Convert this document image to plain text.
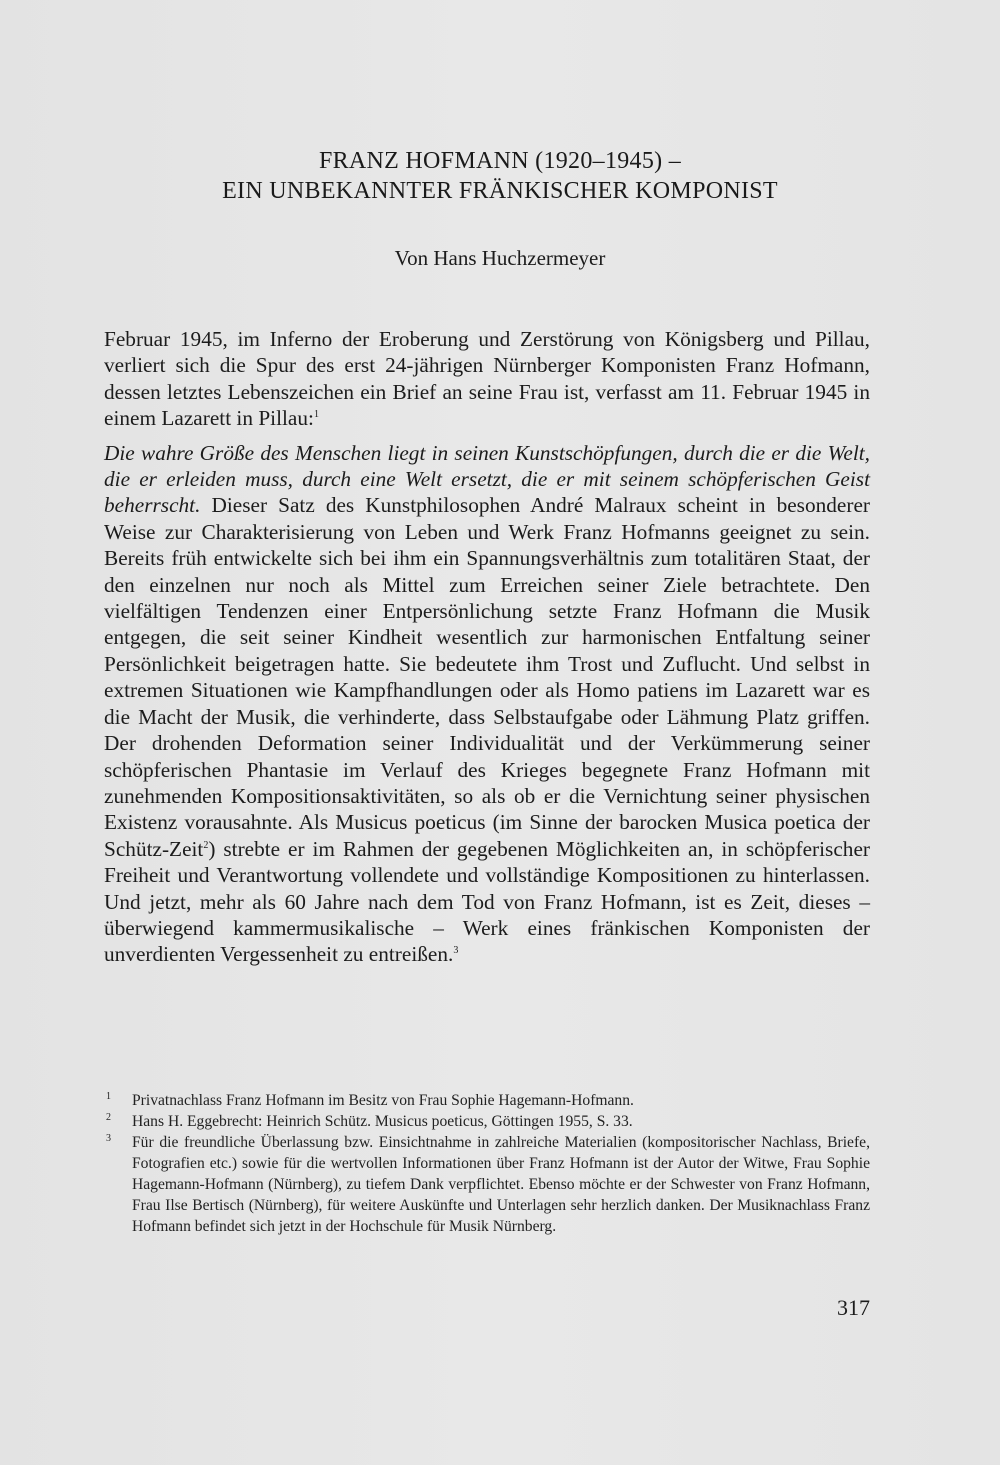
FRANZ HOFMANN (1920–1945) –
EIN UNBEKANNTER FRÄNKISCHER KOMPONIST
Von Hans Huchzermeyer

Februar 1945, im Inferno der Eroberung und Zerstörung von Königsberg und Pillau, verliert sich die Spur des erst 24-jährigen Nürnberger Komponisten Franz Hofmann, dessen letztes Lebenszeichen ein Brief an seine Frau ist, verfasst am 11. Februar 1945 in einem Lazarett in Pillau:$^1$

Die wahre Größe des Menschen liegt in seinen Kunstschöpfungen, durch die er die Welt, die er erleiden muss, durch eine Welt ersetzt, die er mit seinem schöpferischen Geist beherrscht. Dieser Satz des Kunstphilosophen André Malraux scheint in besonderer Weise zur Charakterisierung von Leben und Werk Franz Hofmanns geeignet zu sein. Bereits früh entwickelte sich bei ihm ein Spannungsverhältnis zum totalitären Staat, der den einzelnen nur noch als Mittel zum Erreichen seiner Ziele betrachtete. Den vielfältigen Tendenzen einer Entpersönlichung setzte Franz Hofmann die Musik entgegen, die seit seiner Kindheit wesentlich zur harmonischen Entfaltung seiner Persönlichkeit beigetragen hatte. Sie bedeutete ihm Trost und Zuflucht. Und selbst in extremen Situationen wie Kampfhandlungen oder als Homo patiens im Lazarett war es die Macht der Musik, die verhinderte, dass Selbstaufgabe oder Lähmung Platz griffen. Der drohenden Deformation seiner Individualität und der Verkümmerung seiner schöpferischen Phantasie im Verlauf des Krieges begegnete Franz Hofmann mit zunehmenden Kompositionsaktivitäten, so als ob er die Vernichtung seiner physischen Existenz vorausahnte. Als Musicus poeticus (im Sinne der barocken Musica poetica der Schütz-Zeit$^2$) strebte er im Rahmen der gegebenen Möglichkeiten an, in schöpferischer Freiheit und Verantwortung vollendete und vollständige Kompositionen zu hinterlassen. Und jetzt, mehr als 60 Jahre nach dem Tod von Franz Hofmann, ist es Zeit, dieses – überwiegend kammermusikalische – Werk eines fränkischen Komponisten der unverdienten Vergessenheit zu entreißen.$^3$

1 Privatnachlass Franz Hofmann im Besitz von Frau Sophie Hagemann-Hofmann.
2 Hans H. Eggebrecht: Heinrich Schütz. Musicus poeticus, Göttingen 1955, S. 33.
3 Für die freundliche Überlassung bzw. Einsichtnahme in zahlreiche Materialien (kompositorischer Nachlass, Briefe, Fotografien etc.) sowie für die wertvollen Informationen über Franz Hofmann ist der Autor der Witwe, Frau Sophie Hagemann-Hofmann (Nürnberg), zu tiefem Dank verpflichtet. Ebenso möchte er der Schwester von Franz Hofmann, Frau Ilse Bertisch (Nürnberg), für weitere Auskünfte und Unterlagen sehr herzlich danken. Der Musiknachlass Franz Hofmann befindet sich jetzt in der Hochschule für Musik Nürnberg.
317
